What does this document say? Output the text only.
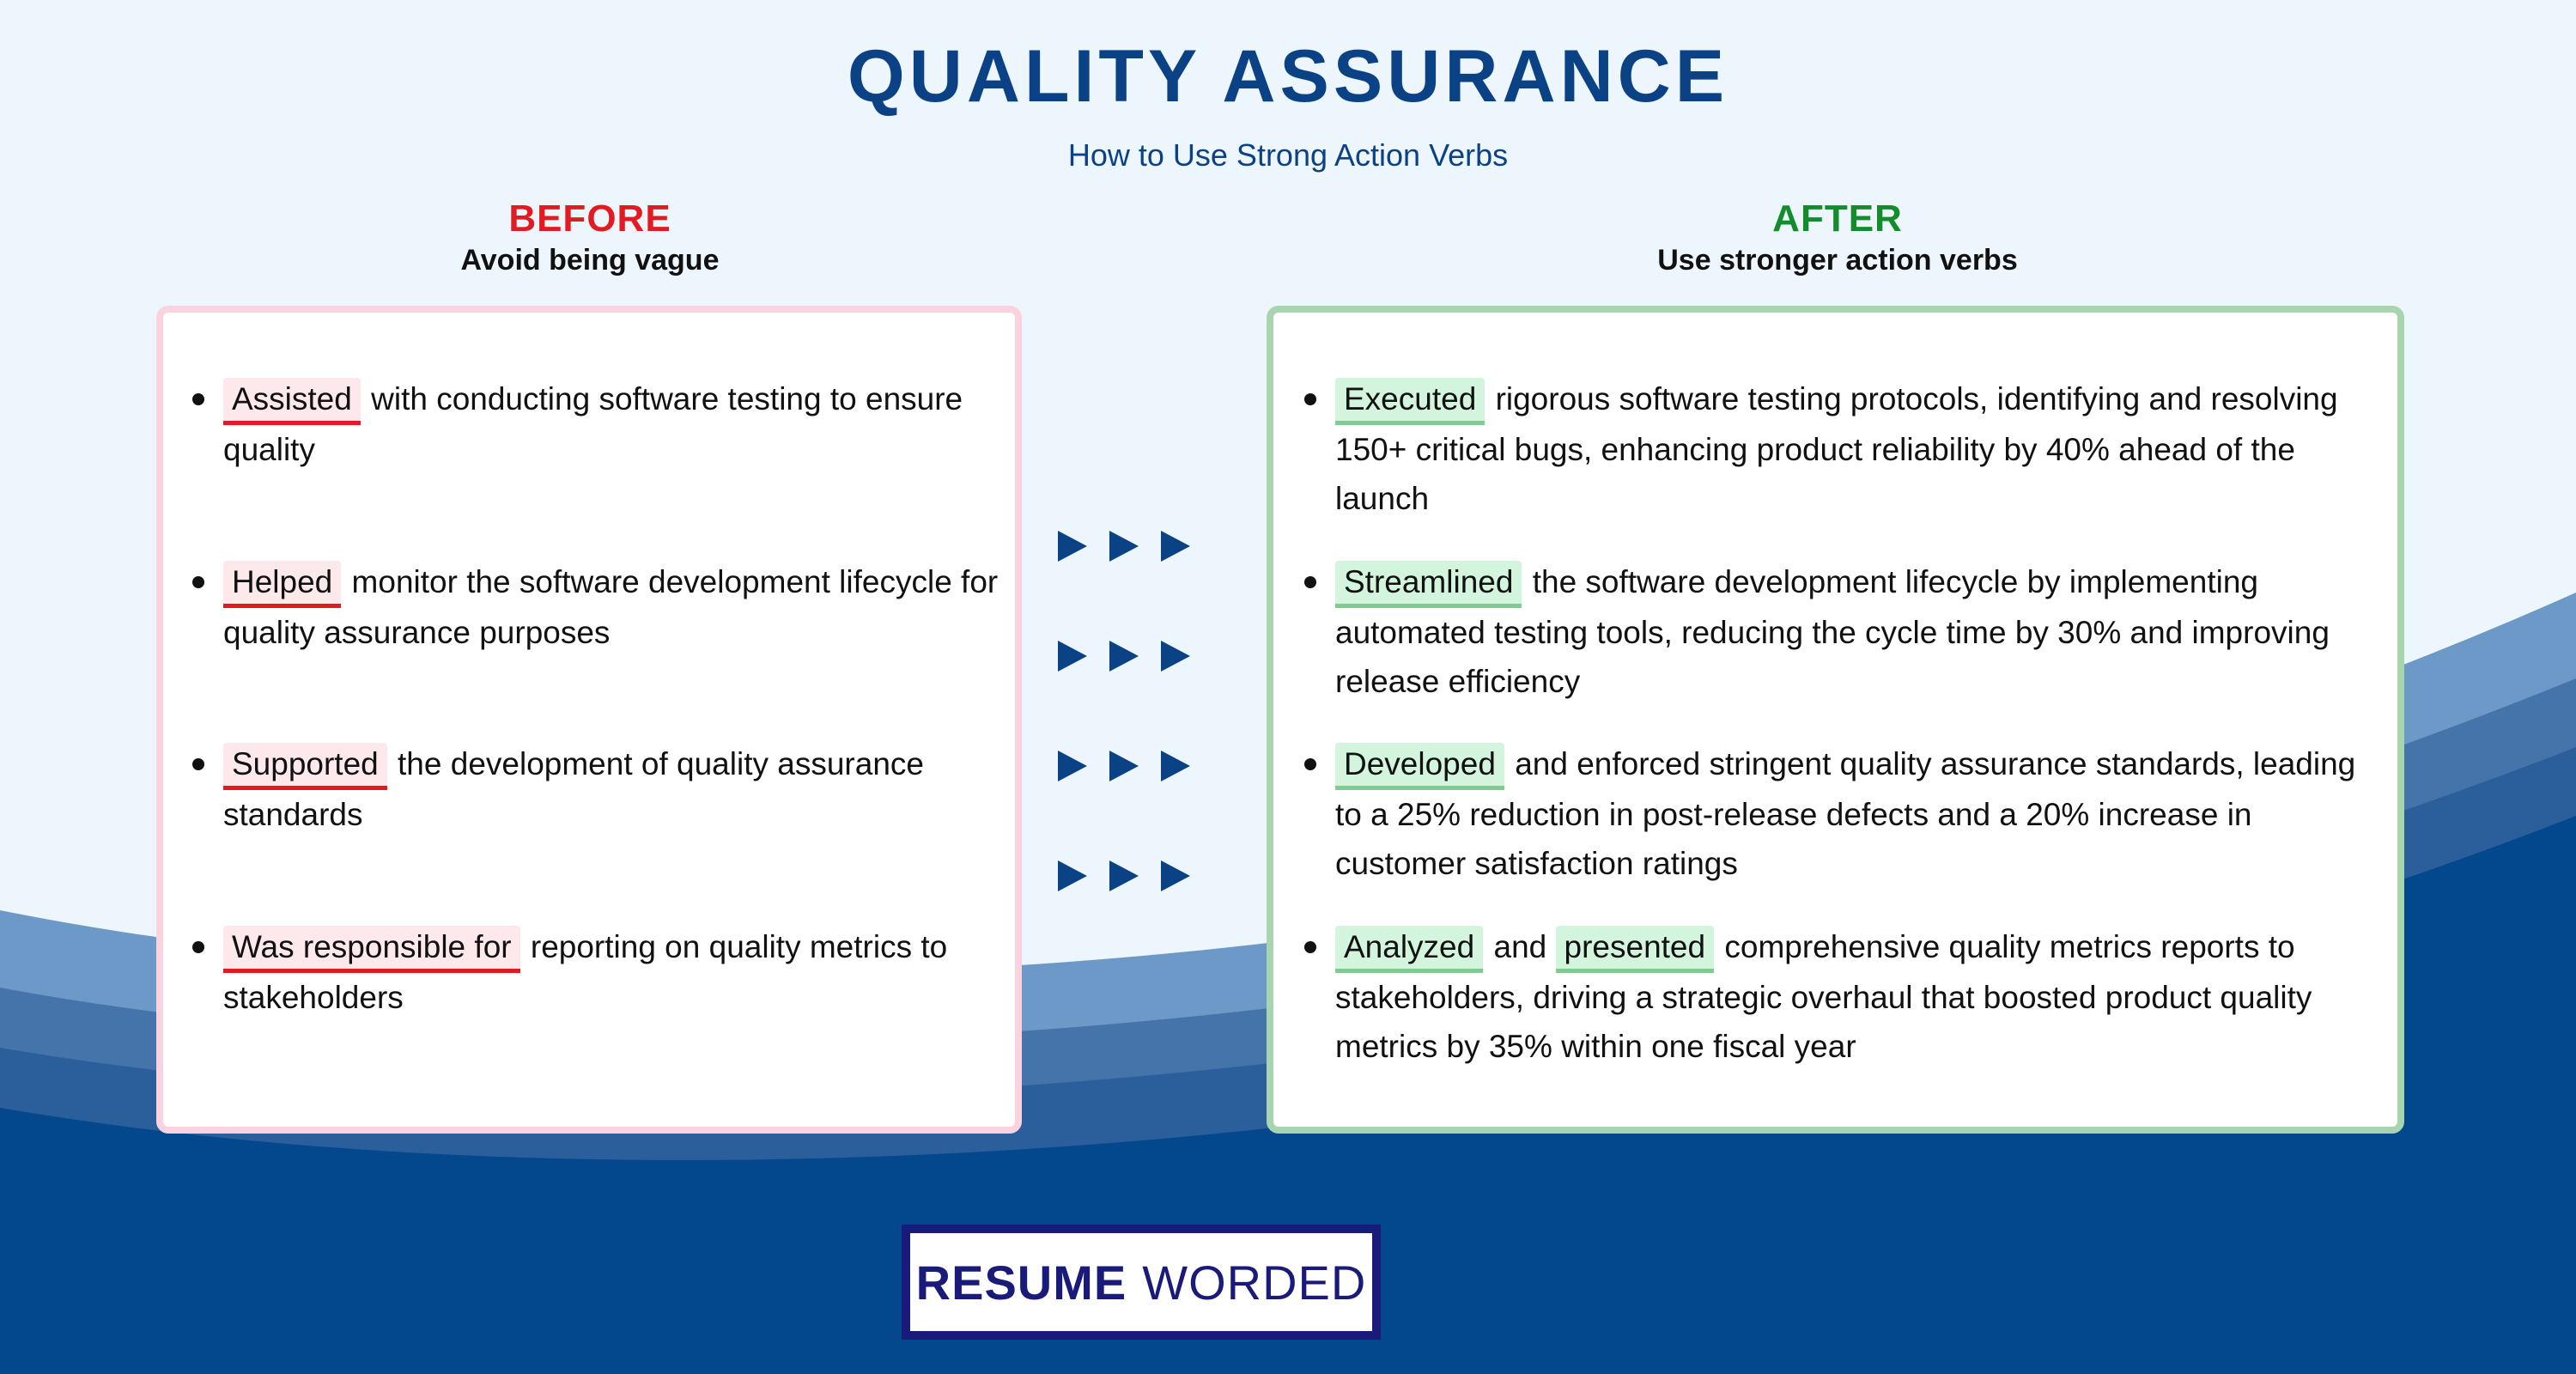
QUALITY ASSURANCE

How to Use Strong Action Verbs

BEFORE
Avoid being vague
AFTER
Use stronger action verbs
Assisted with conducting software testing to ensure quality
Helped monitor the software development lifecycle for quality assurance purposes
Supported the development of quality assurance standards
Was responsible for reporting on quality metrics to stakeholders
Executed rigorous software testing protocols, identifying and resolving 150+ critical bugs, enhancing product reliability by 40% ahead of the launch
Streamlined the software development lifecycle by implementing automated testing tools, reducing the cycle time by 30% and improving release efficiency
Developed and enforced stringent quality assurance standards, leading to a 25% reduction in post-release defects and a 20% increase in customer satisfaction ratings
Analyzed and presented comprehensive quality metrics reports to stakeholders, driving a strategic overhaul that boosted product quality metrics by 35% within one fiscal year
RESUME WORDED
